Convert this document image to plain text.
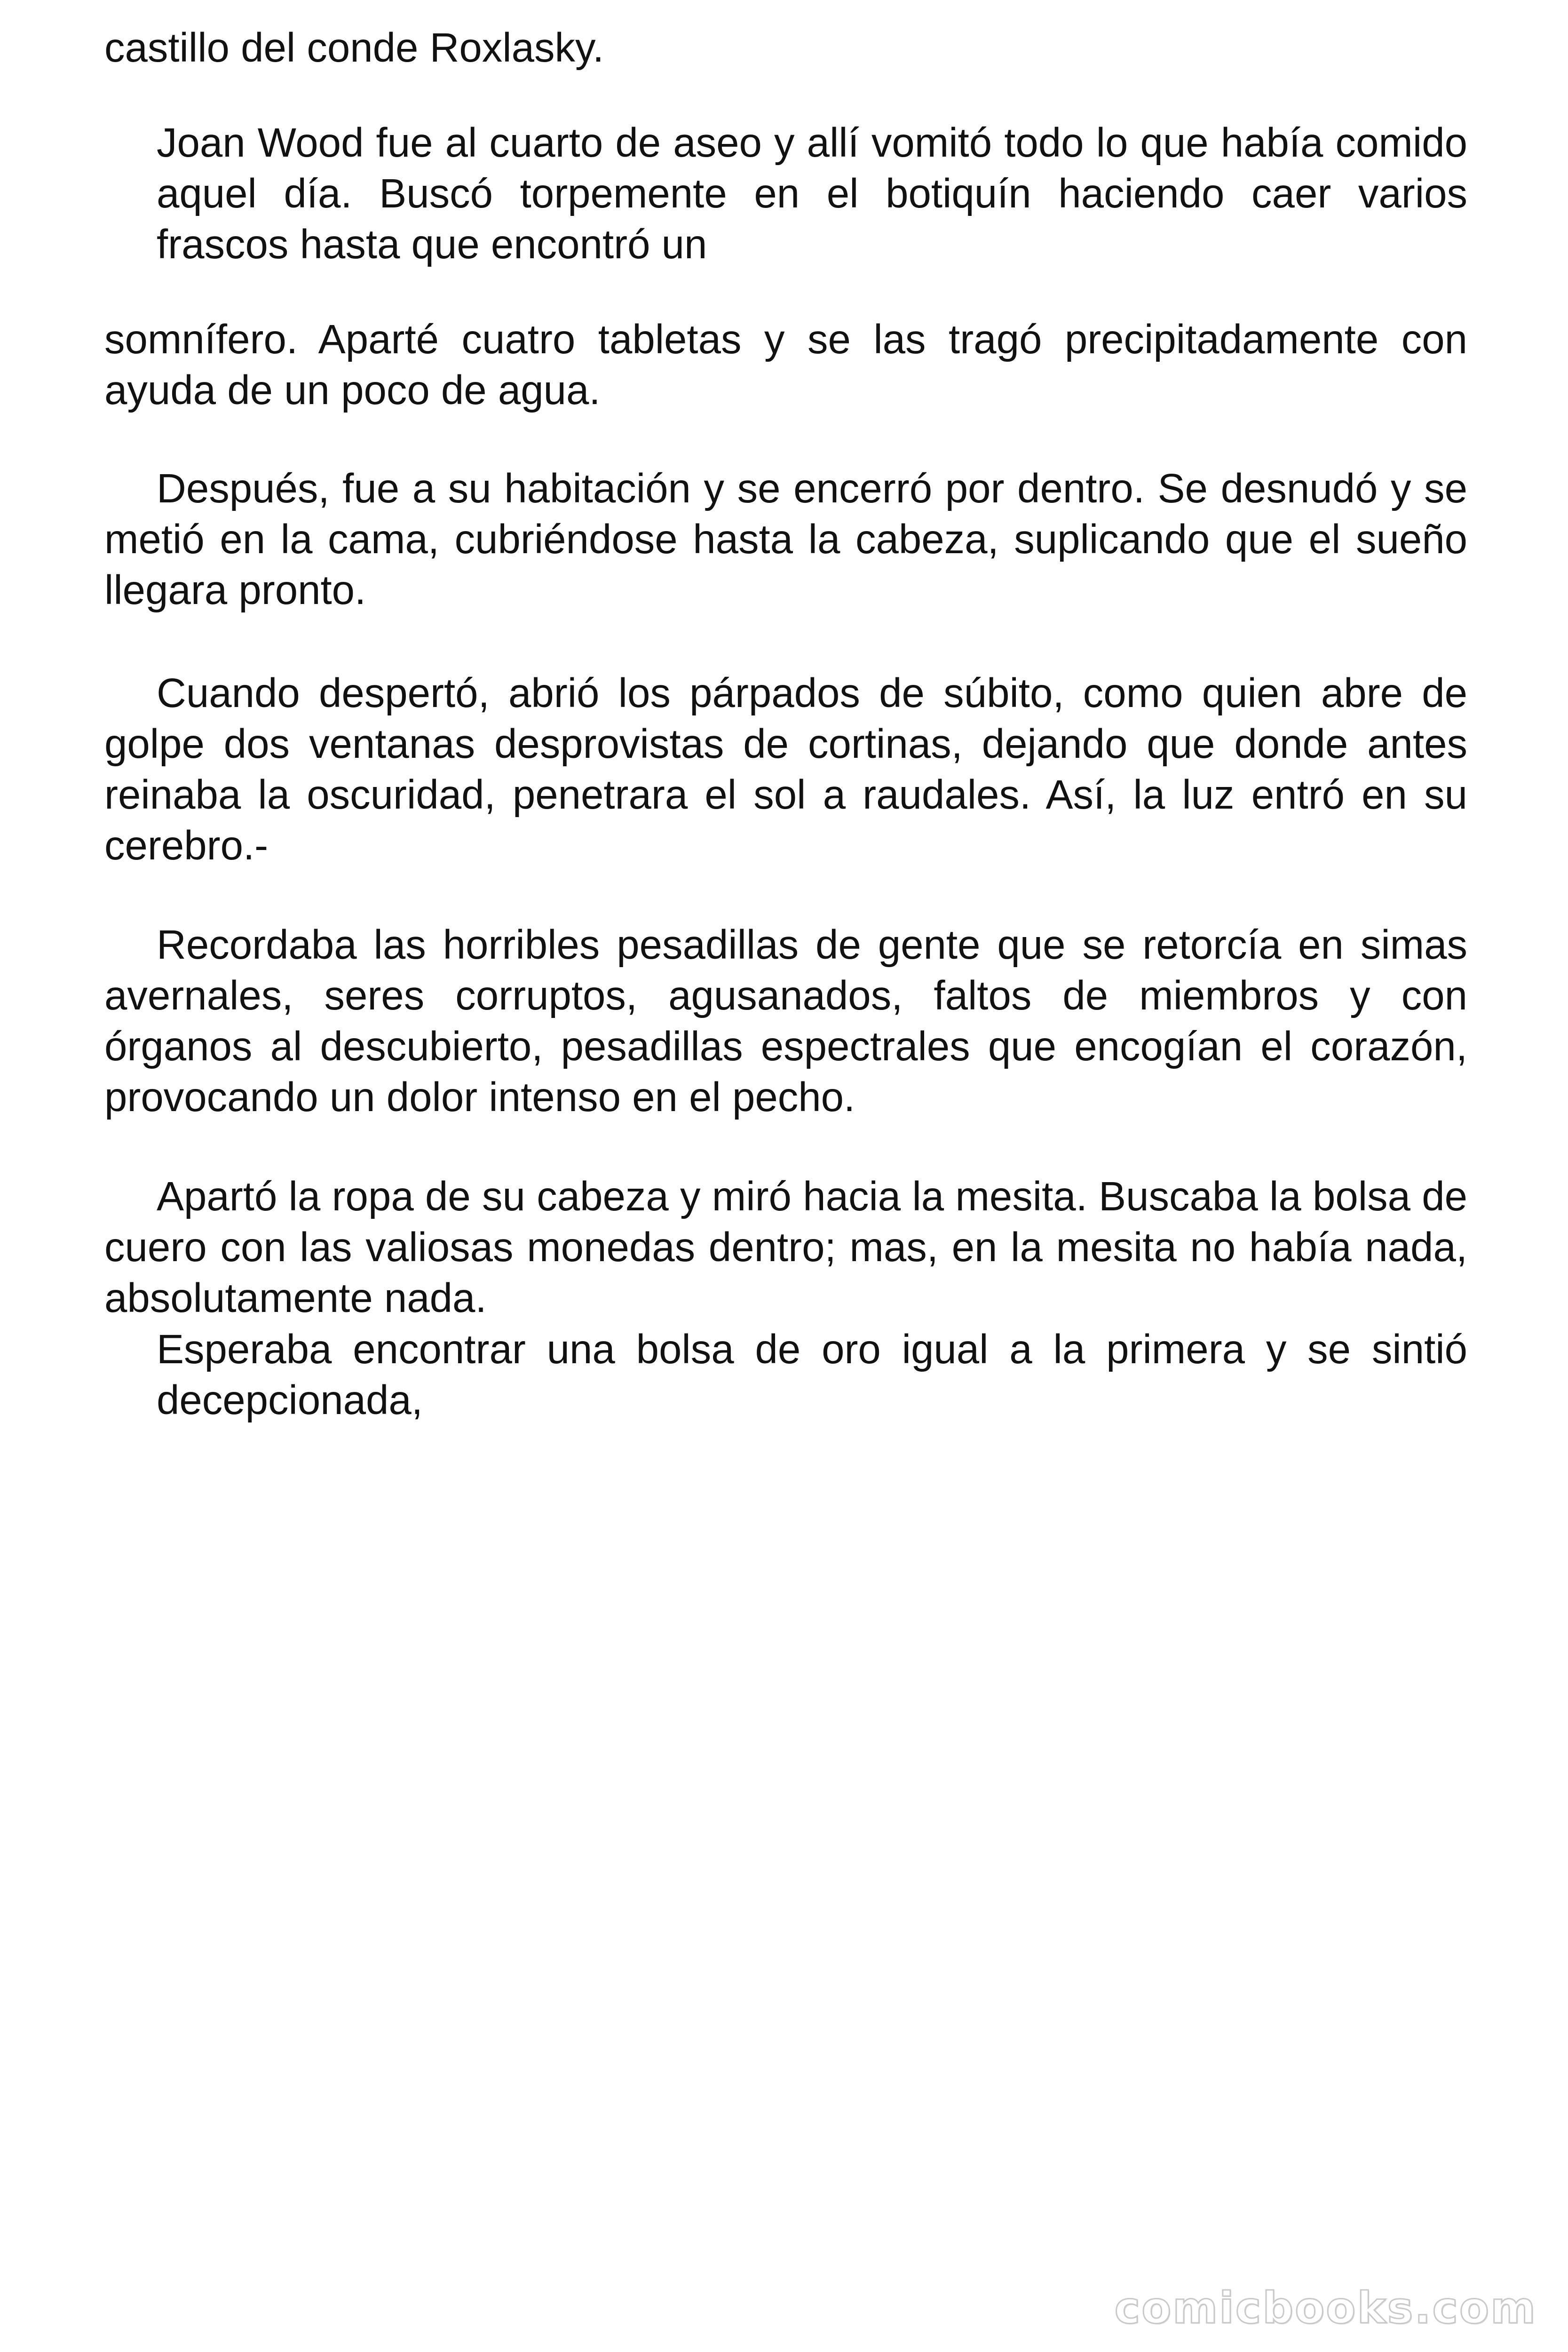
castillo del conde Roxlasky.

Joan Wood fue al cuarto de aseo y allí vomitó todo lo que había comido aquel día. Buscó torpemente en el botiquín haciendo caer varios frascos hasta que encontró un

somnífero. Aparté cuatro tabletas y se las tragó precipitadamente con ayuda de un poco de agua.

Después, fue a su habitación y se encerró por dentro. Se desnudó y se metió en la cama, cubriéndose hasta la cabeza, suplicando que el sueño llegara pronto.

Cuando despertó, abrió los párpados de súbito, como quien abre de golpe dos ventanas desprovistas de cortinas, dejando que donde antes reinaba la oscuridad, penetrara el sol a raudales. Así, la luz entró en su cerebro.-

Recordaba las horribles pesadillas de gente que se retorcía en simas avernales, seres corruptos, agusanados, faltos de miembros y con órganos al descubierto, pesadillas espectrales que encogían el corazón, provocando un dolor intenso en el pecho.

Apartó la ropa de su cabeza y miró hacia la mesita. Buscaba la bolsa de cuero con las valiosas monedas dentro; mas, en la mesita no había nada, absolutamente nada.

Esperaba encontrar una bolsa de oro igual a la primera y se sintió decepcionada,

comicbooks.com
